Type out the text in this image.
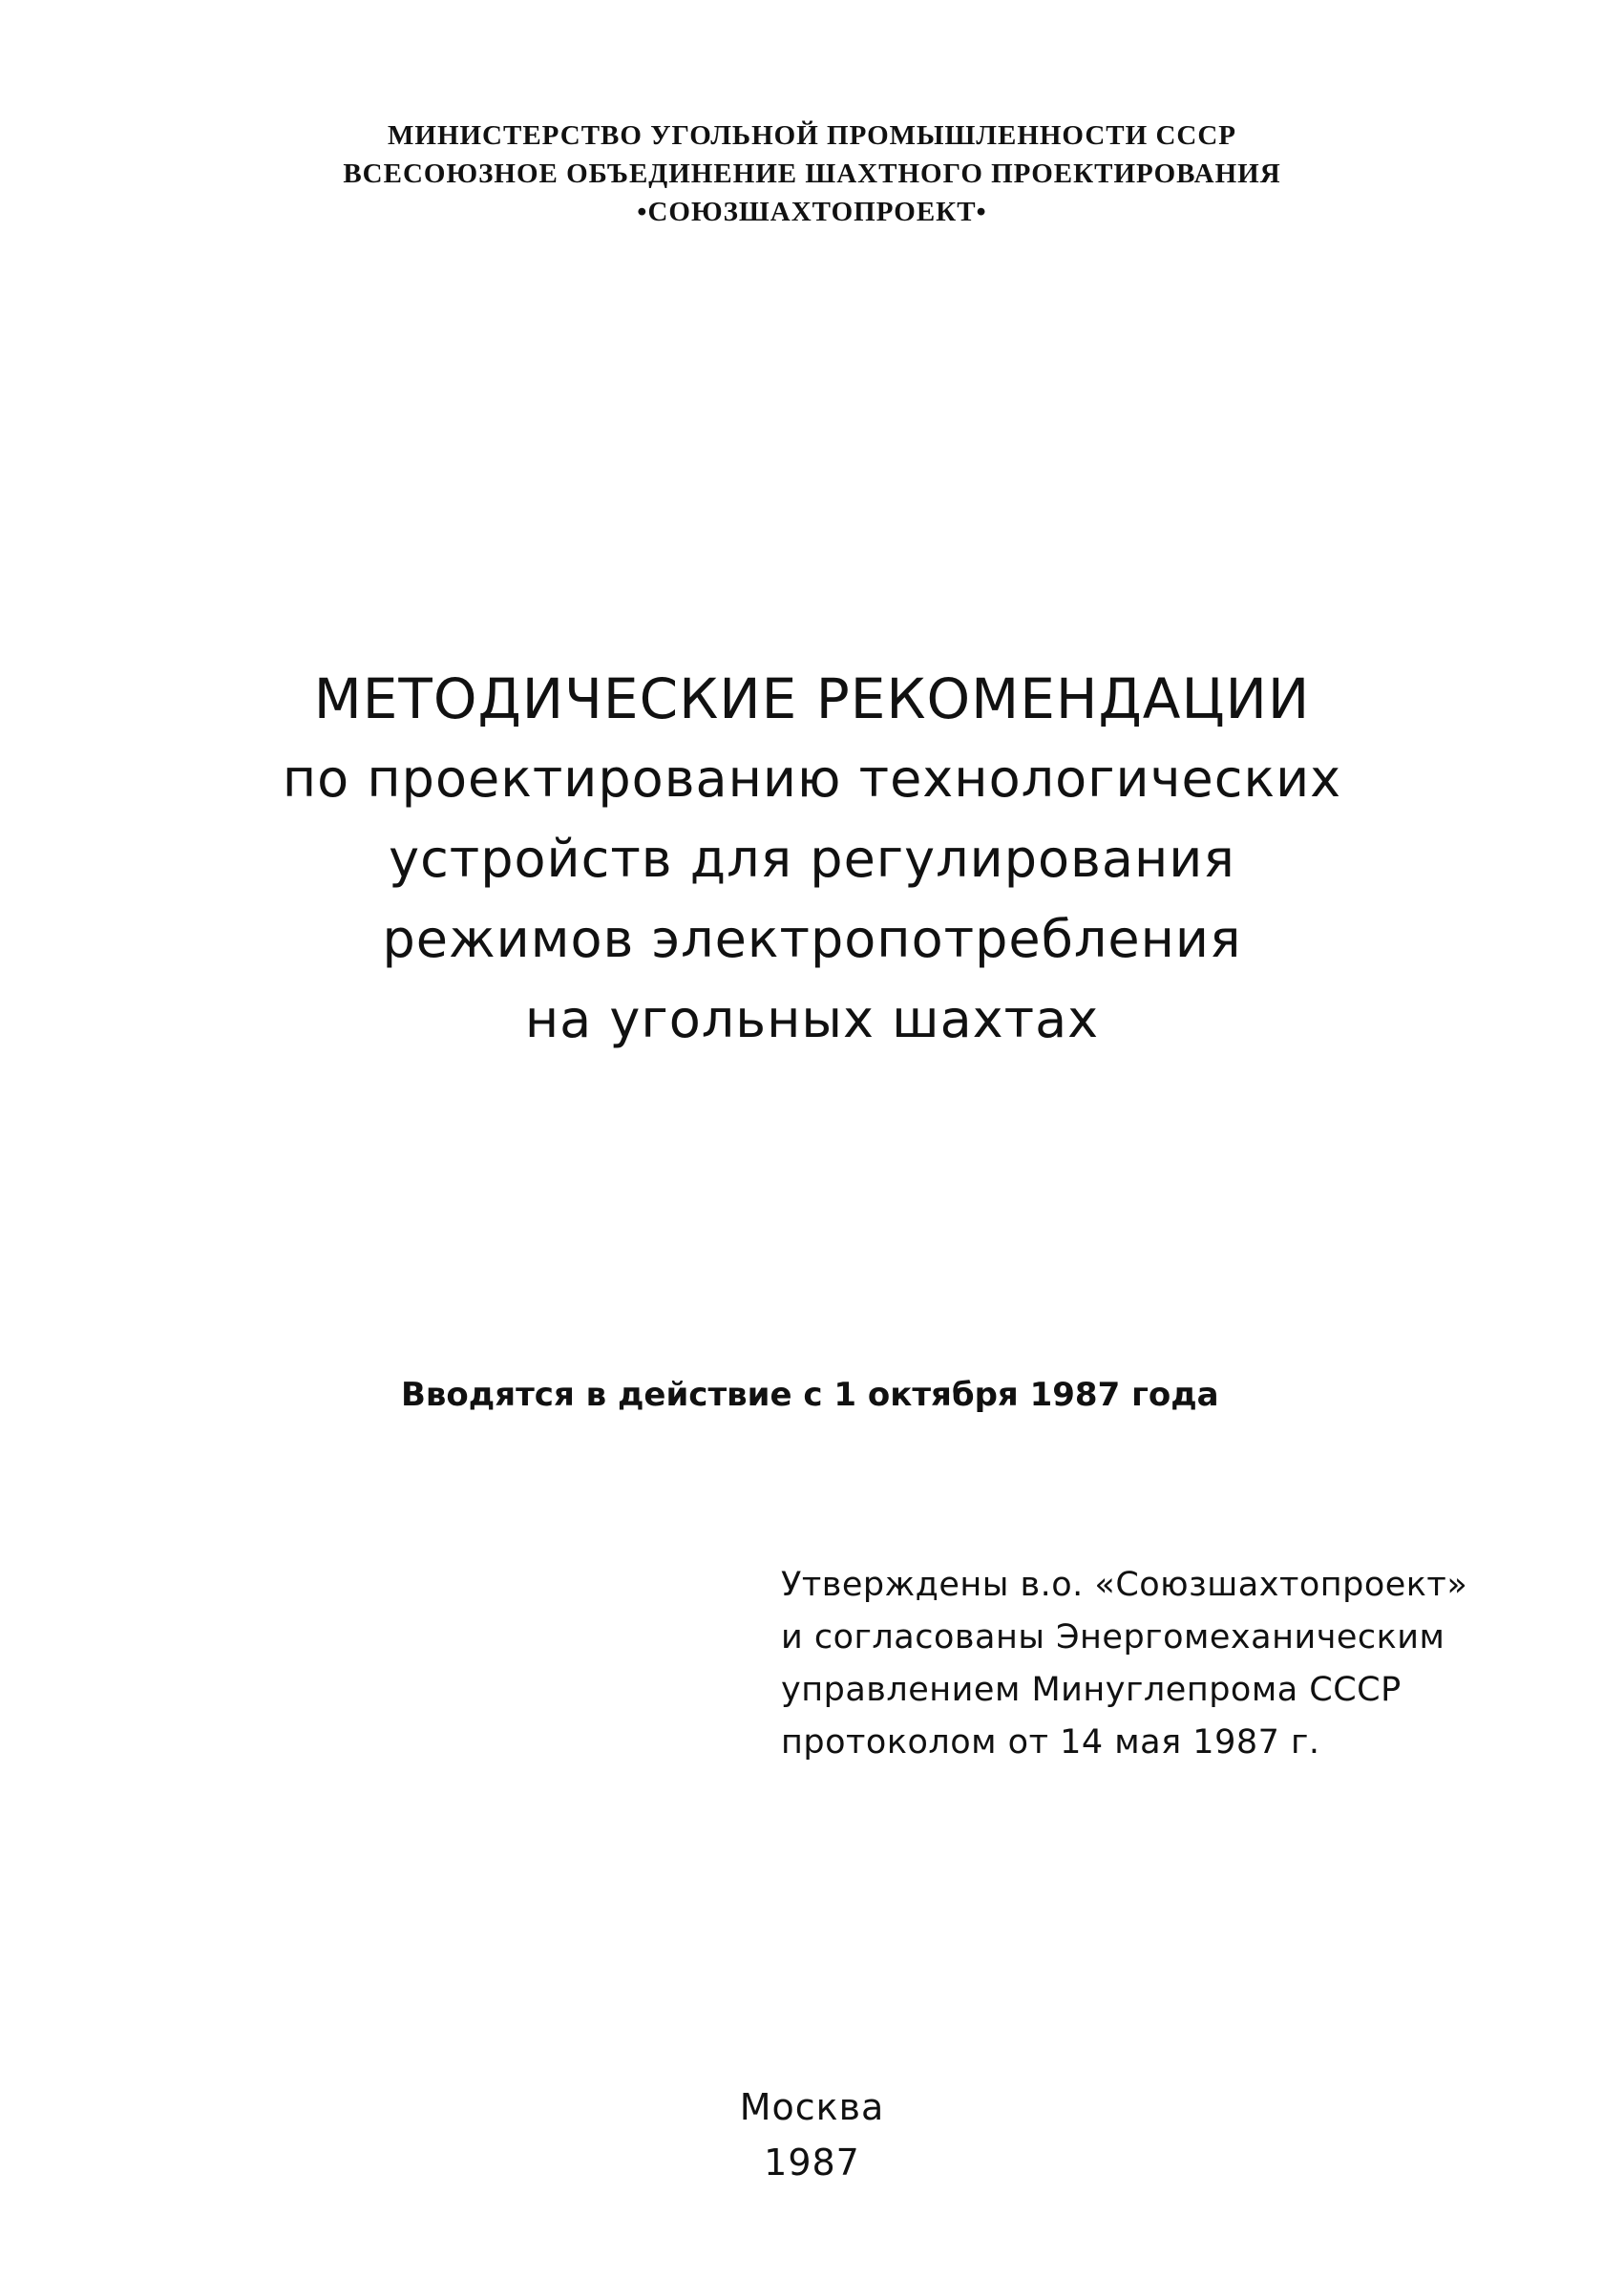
МИНИСТЕРСТВО УГОЛЬНОЙ ПРОМЫШЛЕННОСТИ СССР
ВСЕСОЮЗНОЕ ОБЪЕДИНЕНИЕ ШАХТНОГО ПРОЕКТИРОВАНИЯ
•СОЮЗШАХТОПРОЕКТ•
МЕТОДИЧЕСКИЕ РЕКОМЕНДАЦИИ
по проектированию технологических
устройств для регулирования
режимов электропотребления
на угольных шахтах
Вводятся в действие с 1 октября 1987 года
Утверждены в.о. «Союзшахтопроект»
и согласованы Энергомеханическим
управлением Минуглепрома СССР
протоколом от 14 мая 1987 г.
Москва
1987
